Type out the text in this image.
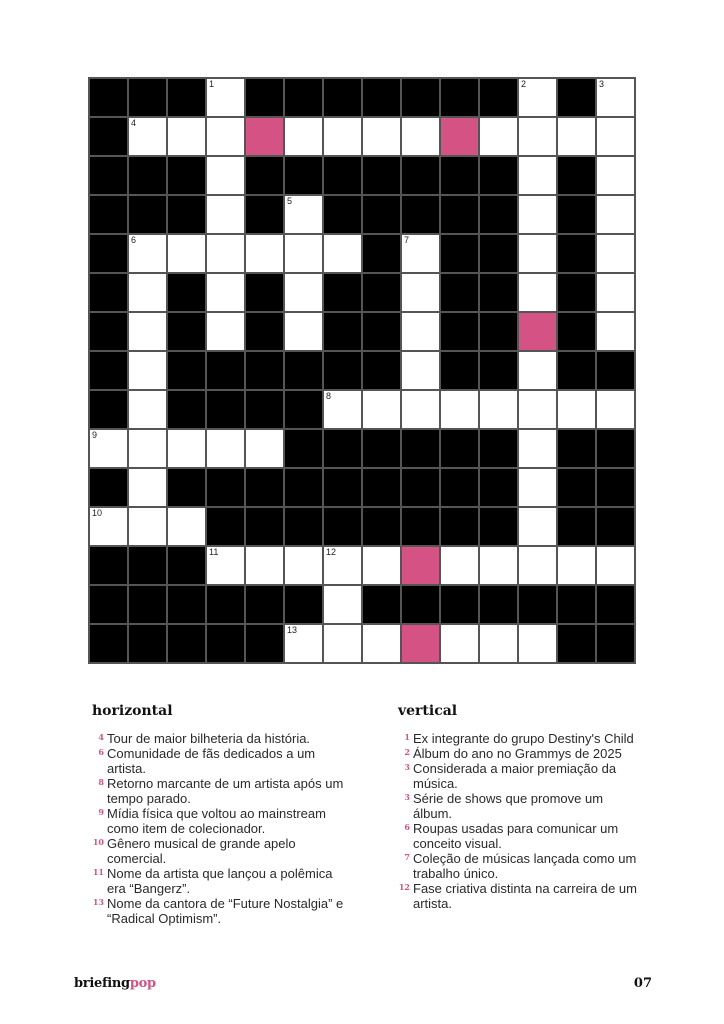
1	2	3
4
5
6	7
8
9
10
11	12
13
horizontal
4 Tour de maior bilheteria da história.
6 Comunidade de fãs dedicados a um artista.
8 Retorno marcante de um artista após um tempo parado.
9 Mídia física que voltou ao mainstream como item de colecionador.
10 Gênero musical de grande apelo comercial.
11 Nome da artista que lançou a polêmica era “Bangerz”.
13 Nome da cantora de “Future Nostalgia” e “Radical Optimism”.
vertical
1 Ex integrante do grupo Destiny's Child
2 Álbum do ano no Grammys de 2025
3 Considerada a maior premiação da música.
3 Série de shows que promove um álbum.
6 Roupas usadas para comunicar um conceito visual.
7 Coleção de músicas lançada como um trabalho único.
12 Fase criativa distinta na carreira de um artista.
briefingpop	07
